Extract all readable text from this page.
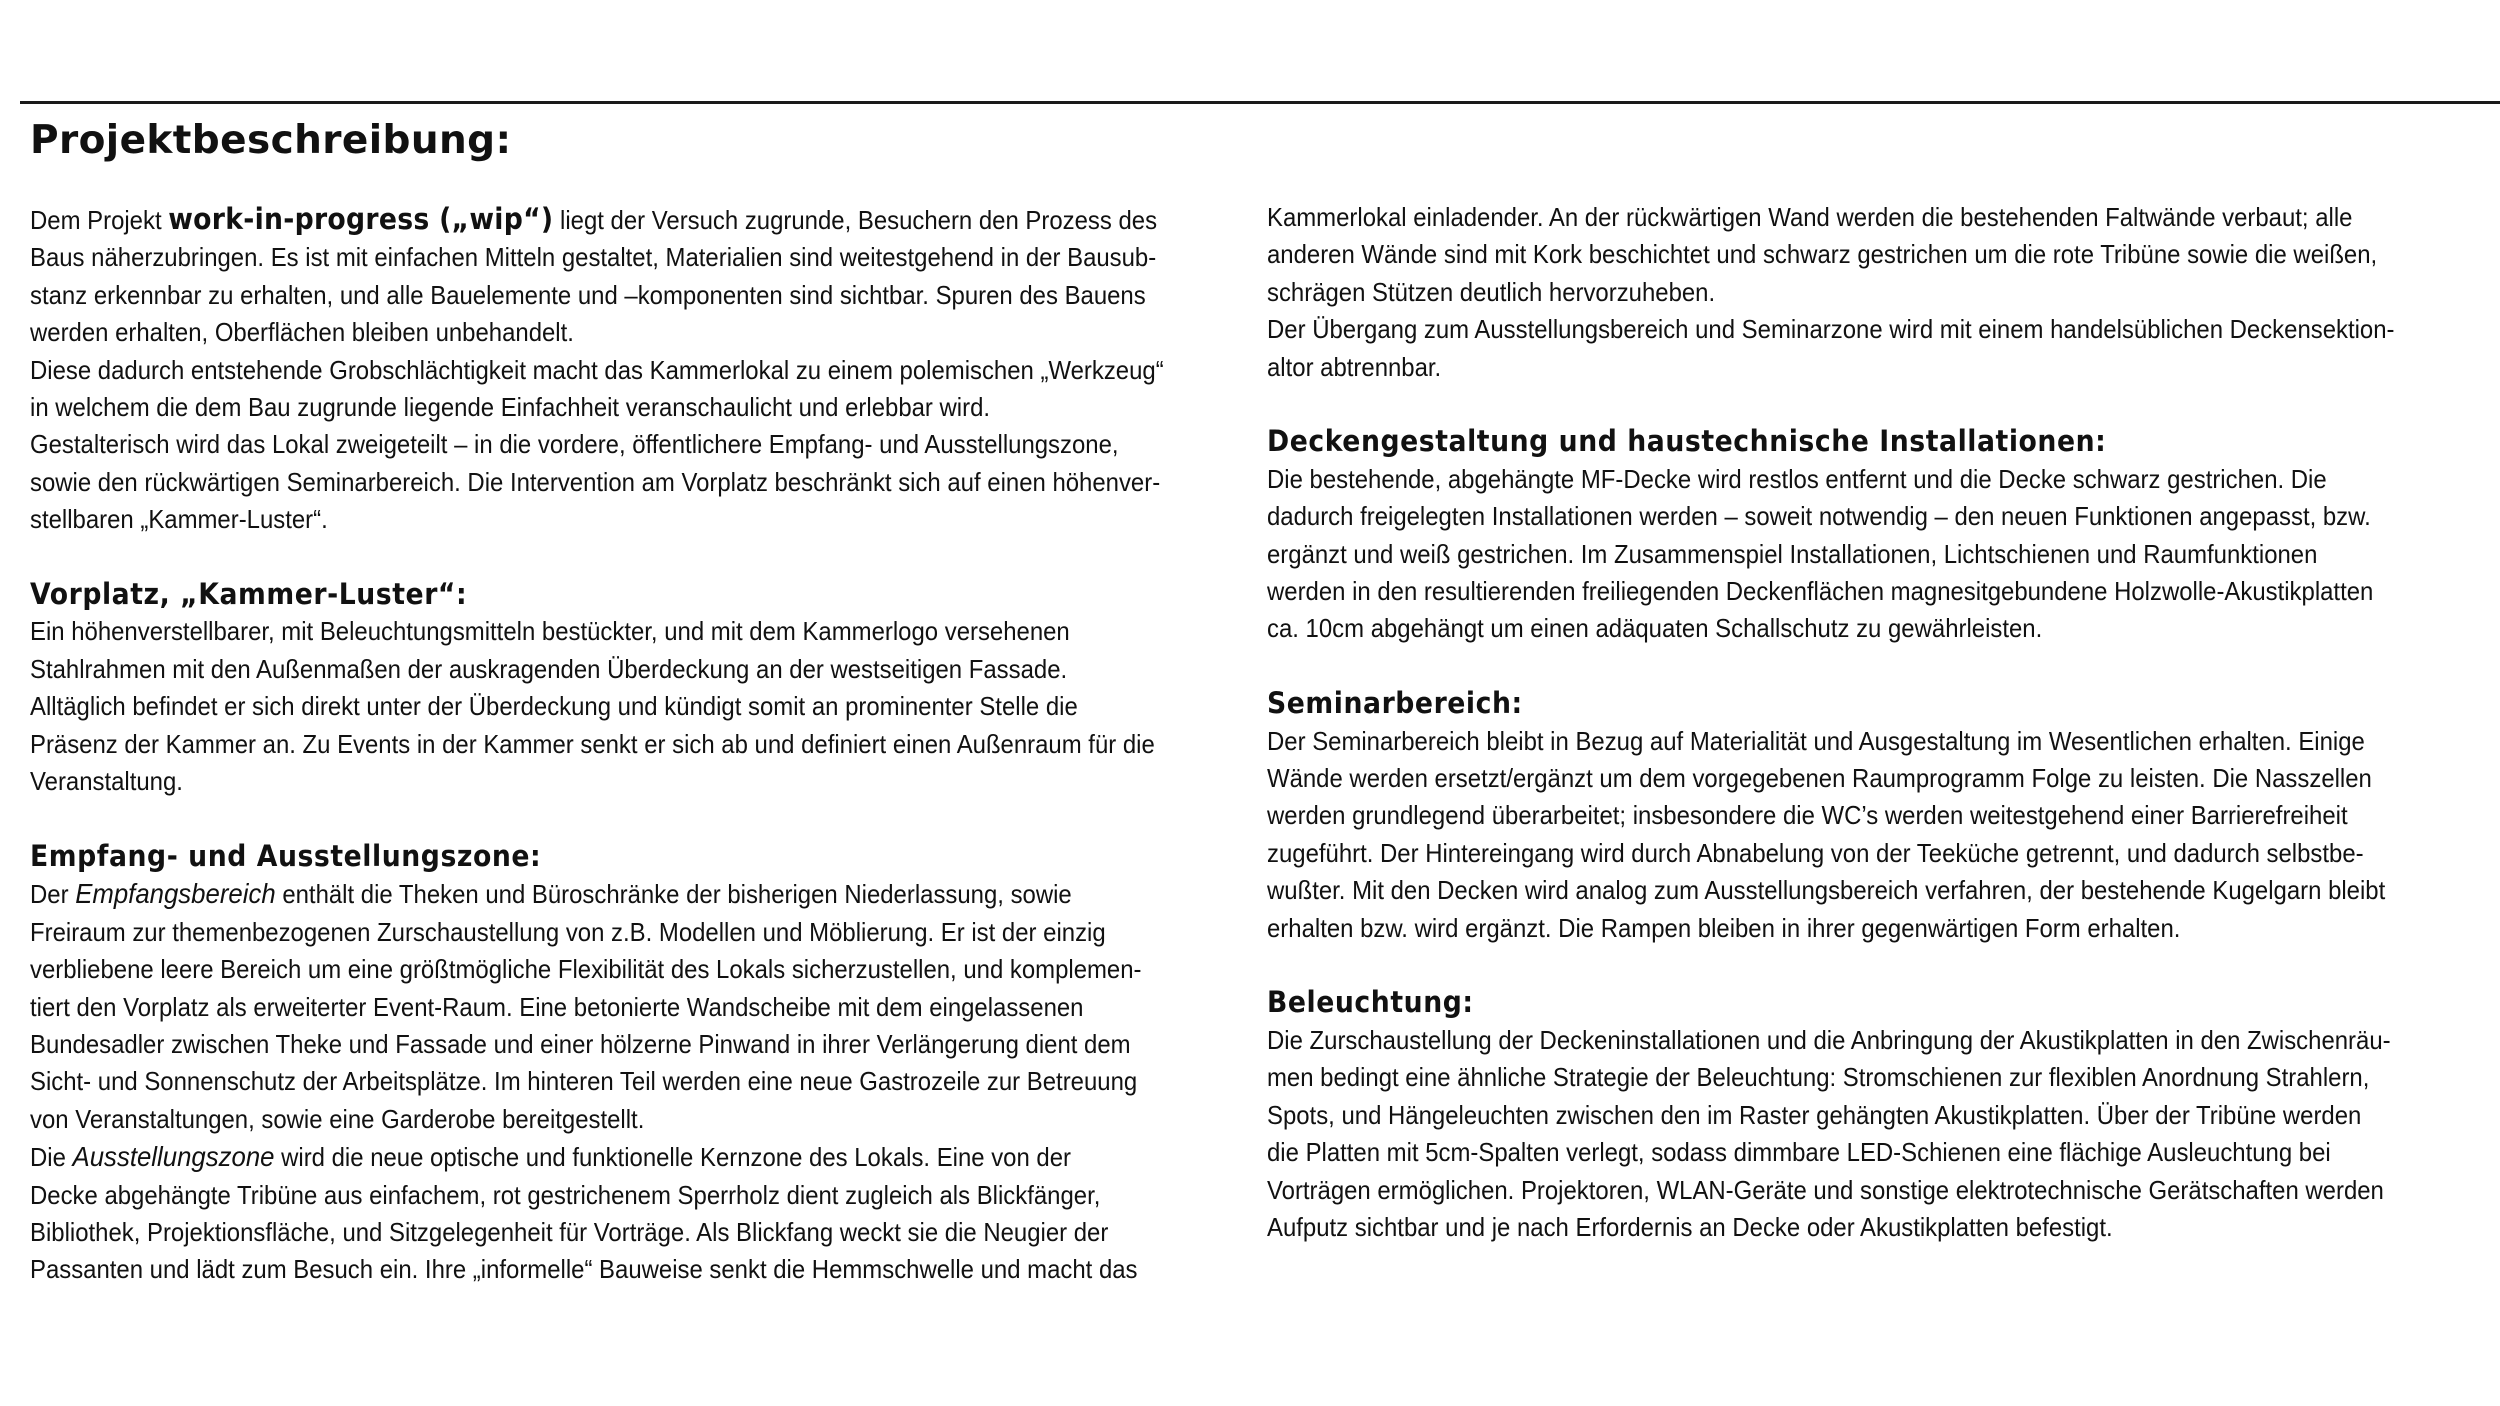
Projektbeschreibung:

Dem Projekt work-in-progress („wip“) liegt der Versuch zugrunde, Besuchern den Prozess des

Baus näherzubringen. Es ist mit einfachen Mitteln gestaltet, Materialien sind weitestgehend in der Bausub-

stanz erkennbar zu erhalten, und alle Bauelemente und –komponenten sind sichtbar. Spuren des Bauens

werden erhalten, Oberflächen bleiben unbehandelt.

Diese dadurch entstehende Grobschlächtigkeit macht das Kammerlokal zu einem polemischen „Werkzeug“

in welchem die dem Bau zugrunde liegende Einfachheit veranschaulicht und erlebbar wird.

Gestalterisch wird das Lokal zweigeteilt – in die vordere, öffentlichere Empfang- und Ausstellungszone,

sowie den rückwärtigen Seminarbereich. Die Intervention am Vorplatz beschränkt sich auf einen höhenver-

stellbaren „Kammer-Luster“.

Vorplatz, „Kammer-Luster“:

Ein höhenverstellbarer, mit Beleuchtungsmitteln bestückter, und mit dem Kammerlogo versehenen

Stahlrahmen mit den Außenmaßen der auskragenden Überdeckung an der westseitigen Fassade.

Alltäglich befindet er sich direkt unter der Überdeckung und kündigt somit an prominenter Stelle die

Präsenz der Kammer an. Zu Events in der Kammer senkt er sich ab und definiert einen Außenraum für die

Veranstaltung.

Empfang- und Ausstellungszone:

Der Empfangsbereich enthält die Theken und Büroschränke der bisherigen Niederlassung, sowie

Freiraum zur themenbezogenen Zurschaustellung von z.B. Modellen und Möblierung. Er ist der einzig

verbliebene leere Bereich um eine größtmögliche Flexibilität des Lokals sicherzustellen, und komplemen-

tiert den Vorplatz als erweiterter Event-Raum. Eine betonierte Wandscheibe mit dem eingelassenen

Bundesadler zwischen Theke und Fassade und einer hölzerne Pinwand in ihrer Verlängerung dient dem

Sicht- und Sonnenschutz der Arbeitsplätze. Im hinteren Teil werden eine neue Gastrozeile zur Betreuung

von Veranstaltungen, sowie eine Garderobe bereitgestellt.

Die Ausstellungszone wird die neue optische und funktionelle Kernzone des Lokals. Eine von der

Decke abgehängte Tribüne aus einfachem, rot gestrichenem Sperrholz dient zugleich als Blickfänger,

Bibliothek, Projektionsfläche, und Sitzgelegenheit für Vorträge. Als Blickfang weckt sie die Neugier der

Passanten und lädt zum Besuch ein. Ihre „informelle“ Bauweise senkt die Hemmschwelle und macht das

Kammerlokal einladender. An der rückwärtigen Wand werden die bestehenden Faltwände verbaut; alle

anderen Wände sind mit Kork beschichtet und schwarz gestrichen um die rote Tribüne sowie die weißen,

schrägen Stützen deutlich hervorzuheben.

Der Übergang zum Ausstellungsbereich und Seminarzone wird mit einem handelsüblichen Deckensektion-

altor abtrennbar.

Deckengestaltung und haustechnische Installationen:

Die bestehende, abgehängte MF-Decke wird restlos entfernt und die Decke schwarz gestrichen. Die

dadurch freigelegten Installationen werden – soweit notwendig – den neuen Funktionen angepasst, bzw.

ergänzt und weiß gestrichen. Im Zusammenspiel Installationen, Lichtschienen und Raumfunktionen

werden in den resultierenden freiliegenden Deckenflächen magnesitgebundene Holzwolle-Akustikplatten

ca. 10cm abgehängt um einen adäquaten Schallschutz zu gewährleisten.

Seminarbereich:

Der Seminarbereich bleibt in Bezug auf Materialität und Ausgestaltung im Wesentlichen erhalten. Einige

Wände werden ersetzt/ergänzt um dem vorgegebenen Raumprogramm Folge zu leisten. Die Nasszellen

werden grundlegend überarbeitet; insbesondere die WC’s werden weitestgehend einer Barrierefreiheit

zugeführt. Der Hintereingang wird durch Abnabelung von der Teeküche getrennt, und dadurch selbstbe-

wußter. Mit den Decken wird analog zum Ausstellungsbereich verfahren, der bestehende Kugelgarn bleibt

erhalten bzw. wird ergänzt. Die Rampen bleiben in ihrer gegenwärtigen Form erhalten.

Beleuchtung:

Die Zurschaustellung der Deckeninstallationen und die Anbringung der Akustikplatten in den Zwischenräu-

men bedingt eine ähnliche Strategie der Beleuchtung: Stromschienen zur flexiblen Anordnung Strahlern,

Spots, und Hängeleuchten zwischen den im Raster gehängten Akustikplatten. Über der Tribüne werden

die Platten mit 5cm-Spalten verlegt, sodass dimmbare LED-Schienen eine flächige Ausleuchtung bei

Vorträgen ermöglichen. Projektoren, WLAN-Geräte und sonstige elektrotechnische Gerätschaften werden

Aufputz sichtbar und je nach Erfordernis an Decke oder Akustikplatten befestigt.
